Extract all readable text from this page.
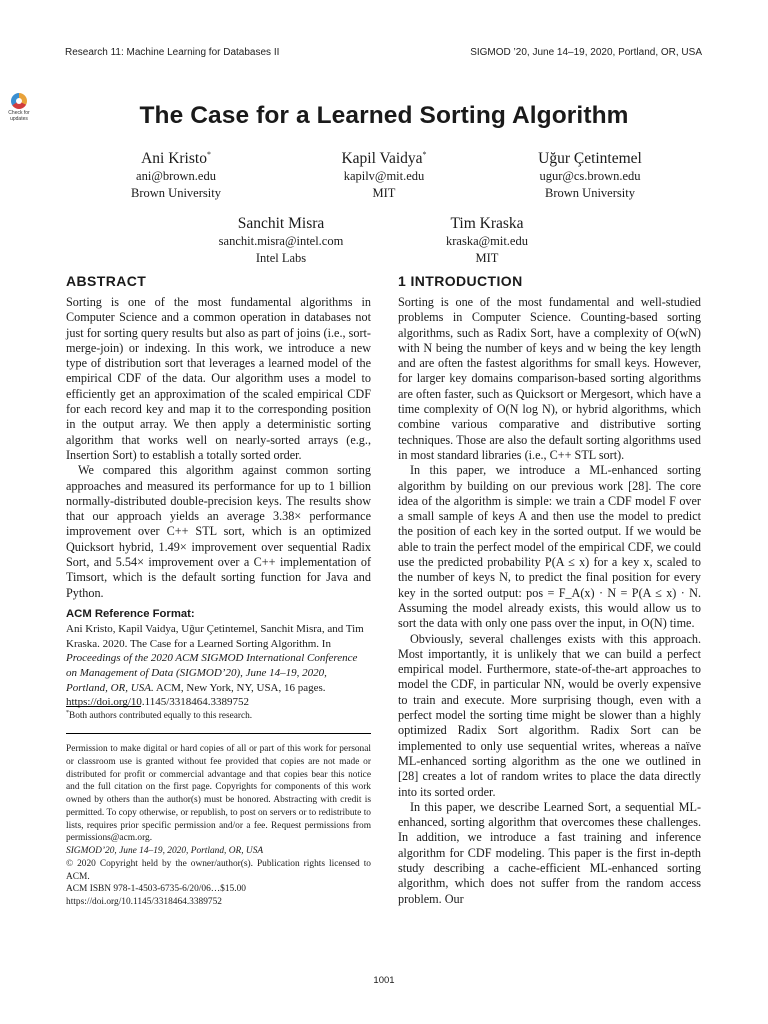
Research 11: Machine Learning for Databases II	SIGMOD ’20, June 14–19, 2020, Portland, OR, USA
Check for
updates	The Case for a Learned Sorting Algorithm
Ani Kristo*
ani@brown.edu
Brown University
Kapil Vaidya*
kapilv@mit.edu
MIT
Uğur Çetintemel
ugur@cs.brown.edu
Brown University
Sanchit Misra
sanchit.misra@intel.com
Intel Labs
Tim Kraska
kraska@mit.edu
MIT
ABSTRACT

Sorting is one of the most fundamental algorithms in Computer Science and a common operation in databases not just for sorting query results but also as part of joins (i.e., sort-merge-join) or indexing. In this work, we introduce a new type of distribution sort that leverages a learned model of the empirical CDF of the data. Our algorithm uses a model to efficiently get an approximation of the scaled empirical CDF for each record key and map it to the corresponding position in the output array. We then apply a deterministic sorting algorithm that works well on nearly-sorted arrays (e.g., Insertion Sort) to establish a totally sorted order.

We compared this algorithm against common sorting approaches and measured its performance for up to 1 billion normally-distributed double-precision keys. The results show that our approach yields an average 3.38× performance improvement over C++ STL sort, which is an optimized Quicksort hybrid, 1.49× improvement over sequential Radix Sort, and 5.54× improvement over a C++ implementation of Timsort, which is the default sorting function for Java and Python.

ACM Reference Format:
Ani Kristo, Kapil Vaidya, Uğur Çetintemel, Sanchit Misra, and Tim Kraska. 2020. The Case for a Learned Sorting Algorithm. In Proceedings of the 2020 ACM SIGMOD International Conference on Management of Data (SIGMOD’20), June 14–19, 2020, Portland, OR, USA. ACM, New York, NY, USA, 16 pages. https://doi.org/10.1145/3318464.3389752
*Both authors contributed equally to this research.
Permission to make digital or hard copies of all or part of this work for personal or classroom use is granted without fee provided that copies are not made or distributed for profit or commercial advantage and that copies bear this notice and the full citation on the first page. Copyrights for components of this work owned by others than the author(s) must be honored. Abstracting with credit is permitted. To copy otherwise, or republish, to post on servers or to redistribute to lists, requires prior specific permission and/or a fee. Request permissions from permissions@acm.org.
SIGMOD’20, June 14–19, 2020, Portland, OR, USA
© 2020 Copyright held by the owner/author(s). Publication rights licensed to ACM.
ACM ISBN 978-1-4503-6735-6/20/06…$15.00
https://doi.org/10.1145/3318464.3389752
1 INTRODUCTION

Sorting is one of the most fundamental and well-studied problems in Computer Science. Counting-based sorting algorithms, such as Radix Sort, have a complexity of O(wN) with N being the number of keys and w being the key length and are often the fastest algorithms for small keys. However, for larger key domains comparison-based sorting algorithms are often faster, such as Quicksort or Mergesort, which have a time complexity of O(N log N), or hybrid algorithms, which combine various comparative and distributive sorting techniques. Those are also the default sorting algorithms used in most standard libraries (i.e., C++ STL sort).

In this paper, we introduce a ML-enhanced sorting algorithm by building on our previous work [28]. The core idea of the algorithm is simple: we train a CDF model F over a small sample of keys A and then use the model to predict the position of each key in the sorted output. If we would be able to train the perfect model of the empirical CDF, we could use the predicted probability P(A ≤ x) for a key x, scaled to the number of keys N, to predict the final position for every key in the sorted output: pos = F_A(x) · N = P(A ≤ x) · N. Assuming the model already exists, this would allow us to sort the data with only one pass over the input, in O(N) time.

Obviously, several challenges exists with this approach. Most importantly, it is unlikely that we can build a perfect empirical model. Furthermore, state-of-the-art approaches to model the CDF, in particular NN, would be overly expensive to train and execute. More surprising though, even with a perfect model the sorting time might be slower than a highly optimized Radix Sort algorithm. Radix Sort can be implemented to only use sequential writes, whereas a naïve ML-enhanced sorting algorithm as the one we outlined in [28] creates a lot of random writes to place the data directly into its sorted order.

In this paper, we describe Learned Sort, a sequential ML-enhanced, sorting algorithm that overcomes these challenges. In addition, we introduce a fast training and inference algorithm for CDF modeling. This paper is the first in-depth study describing a cache-efficient ML-enhanced sorting algorithm, which does not suffer from the random access problem. Our

1001
